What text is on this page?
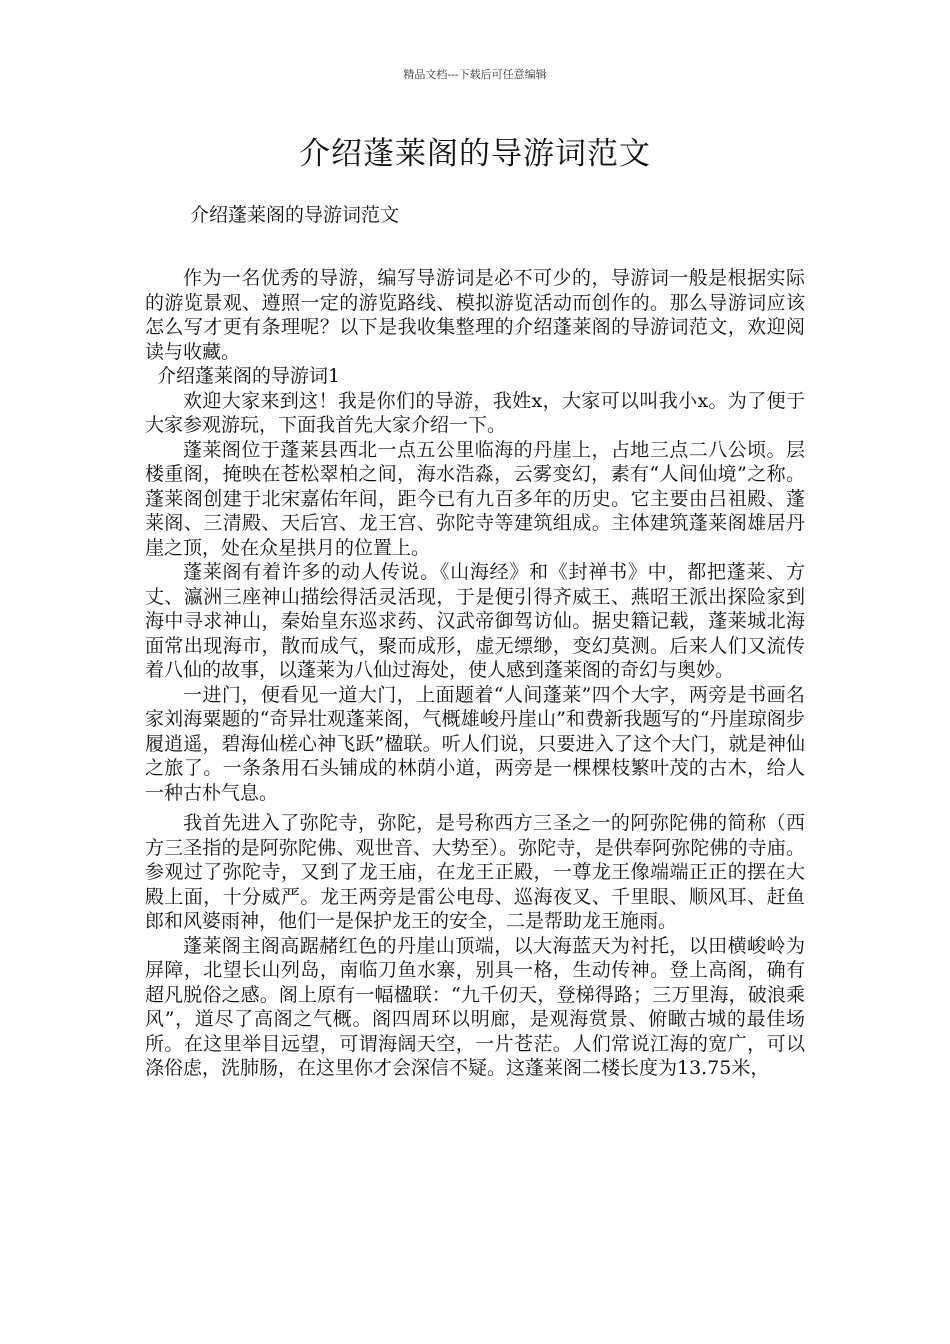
精品文档---下载后可任意编辑
介绍蓬莱阁的导游词范文
介绍蓬莱阁的导游词范文

作为一名优秀的导游，编写导游词是必不可少的，导游词一般是根据实际的游览景观、遵照一定的游览路线、模拟游览活动而创作的。那么导游词应该怎么写才更有条理呢？以下是我收集整理的介绍蓬莱阁的导游词范文，欢迎阅读与收藏。

介绍蓬莱阁的导游词1

欢迎大家来到这！我是你们的导游，我姓x，大家可以叫我小x。为了便于大家参观游玩，下面我首先大家介绍一下。

蓬莱阁位于蓬莱县西北一点五公里临海的丹崖上，占地三点二八公顷。层楼重阁，掩映在苍松翠柏之间，海水浩淼，云雾变幻，素有“人间仙境”之称。蓬莱阁创建于北宋嘉佑年间，距今已有九百多年的历史。它主要由吕祖殿、蓬莱阁、三清殿、天后宫、龙王宫、弥陀寺等建筑组成。主体建筑蓬莱阁雄居丹崖之顶，处在众星拱月的位置上。

蓬莱阁有着许多的动人传说。《山海经》和《封禅书》中，都把蓬莱、方丈、瀛洲三座神山描绘得活灵活现，于是便引得齐威王、燕昭王派出探险家到海中寻求神山，秦始皇东巡求药、汉武帝御驾访仙。据史籍记载，蓬莱城北海面常出现海市，散而成气，聚而成形，虚无缥缈，变幻莫测。后来人们又流传着八仙的故事，以蓬莱为八仙过海处，使人感到蓬莱阁的奇幻与奥妙。

一进门，便看见一道大门，上面题着“人间蓬莱”四个大字，两旁是书画名家刘海粟题的“奇异壮观蓬莱阁，气概雄峻丹崖山”和费新我题写的“丹崖琼阁步履逍遥，碧海仙槎心神飞跃”楹联。听人们说，只要进入了这个大门，就是神仙之旅了。一条条用石头铺成的林荫小道，两旁是一棵棵枝繁叶茂的古木，给人一种古朴气息。

我首先进入了弥陀寺，弥陀，是号称西方三圣之一的阿弥陀佛的简称（西方三圣指的是阿弥陀佛、观世音、大势至）。弥陀寺，是供奉阿弥陀佛的寺庙。参观过了弥陀寺，又到了龙王庙，在龙王正殿，一尊龙王像端端正正的摆在大殿上面，十分威严。龙王两旁是雷公电母、巡海夜叉、千里眼、顺风耳、赶鱼郎和风婆雨神，他们一是保护龙王的安全，二是帮助龙王施雨。

蓬莱阁主阁高踞赭红色的丹崖山顶端，以大海蓝天为衬托，以田横峻岭为屏障，北望长山列岛，南临刀鱼水寨，别具一格，生动传神。登上高阁，确有超凡脱俗之感。阁上原有一幅楹联：“九千仞天，登梯得路；三万里海，破浪乘风”，道尽了高阁之气概。阁四周环以明廊，是观海赏景、俯瞰古城的最佳场所。在这里举目远望，可谓海阔天空，一片苍茫。人们常说江海的宽广，可以涤俗虑，洗肺肠，在这里你才会深信不疑。这蓬莱阁二楼长度为13.75米，
